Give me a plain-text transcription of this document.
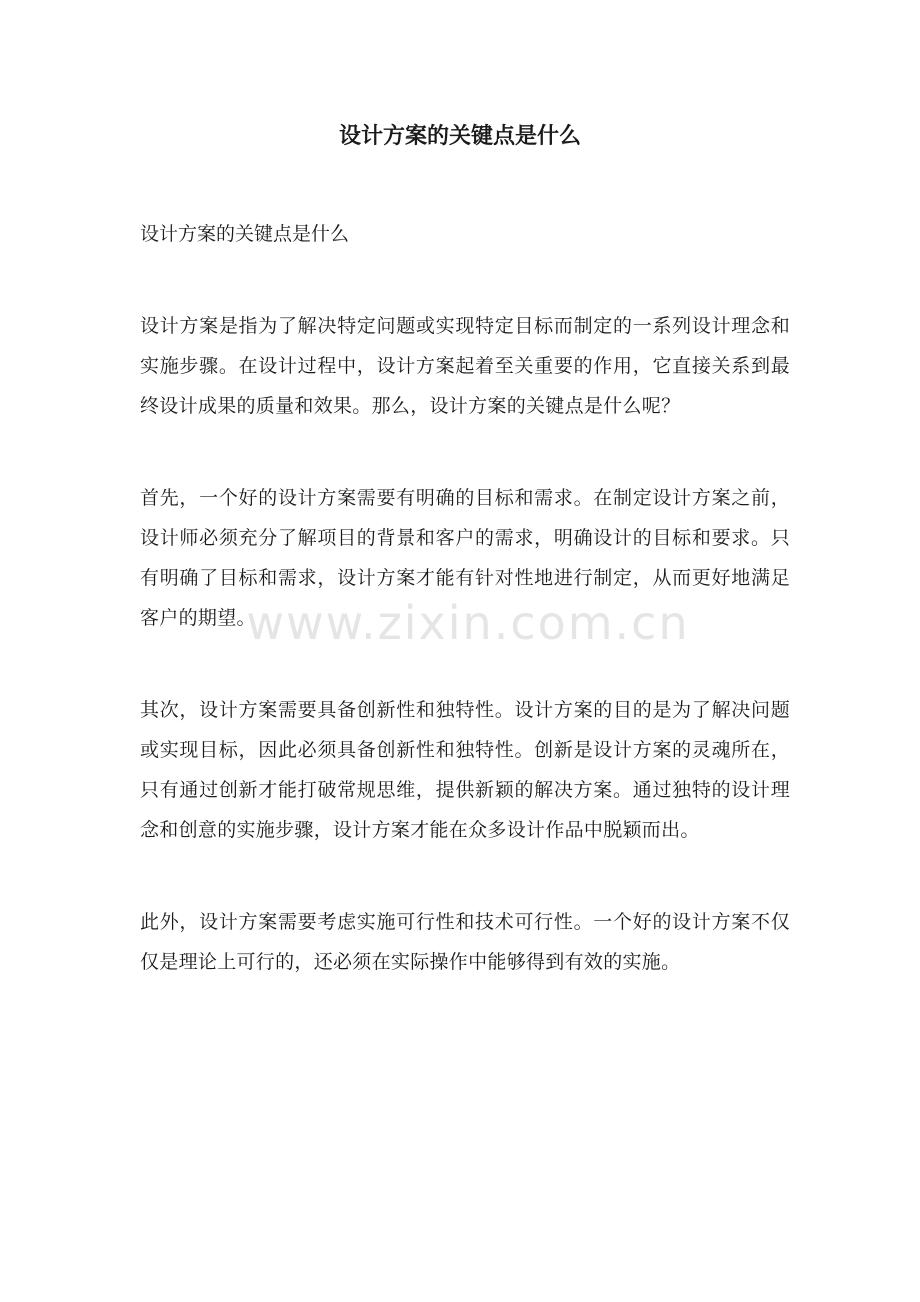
设计方案的关键点是什么

设计方案的关键点是什么

设计方案是指为了解决特定问题或实现特定目标而制定的一系列设计理念和实施步骤。在设计过程中，设计方案起着至关重要的作用，它直接关系到最终设计成果的质量和效果。那么，设计方案的关键点是什么呢？

首先，一个好的设计方案需要有明确的目标和需求。在制定设计方案之前，设计师必须充分了解项目的背景和客户的需求，明确设计的目标和要求。只有明确了目标和需求，设计方案才能有针对性地进行制定，从而更好地满足客户的期望。

其次，设计方案需要具备创新性和独特性。设计方案的目的是为了解决问题或实现目标，因此必须具备创新性和独特性。创新是设计方案的灵魂所在，只有通过创新才能打破常规思维，提供新颖的解决方案。通过独特的设计理念和创意的实施步骤，设计方案才能在众多设计作品中脱颖而出。

此外，设计方案需要考虑实施可行性和技术可行性。一个好的设计方案不仅仅是理论上可行的，还必须在实际操作中能够得到有效的实施。

www.zixin.com.cn
